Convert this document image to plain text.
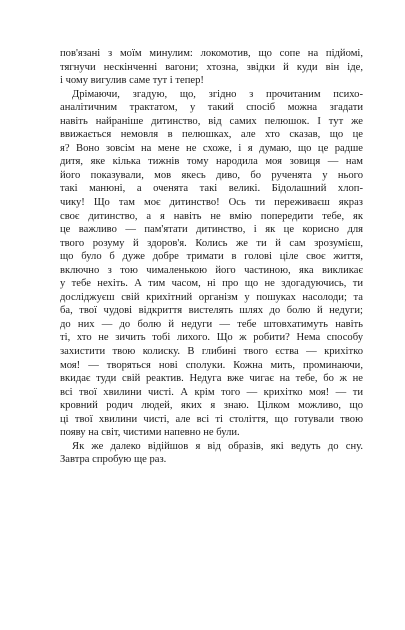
пов'язані з моїм минулим: локомотив, що сопе на підйомі,
тягнучи нескінченні вагони; хтозна, звідки й куди він іде,
і чому вигулив саме тут і тепер!
Дрімаючи, згадую, що, згідно з прочитаним психо-
аналітичним трактатом, у такий спосіб можна згадати
навіть найраніше дитинство, від самих пелюшок. І тут же
ввижається немовля в пелюшках, але хто сказав, що це
я? Воно зовсім на мене не схоже, і я думаю, що це радше
дитя, яке кілька тижнів тому народила моя зовиця — нам
його показували, мов якесь диво, бо рученята у нього
такі манюні, а оченята такі великі. Бідолашний хлоп-
чику! Що там моє дитинство! Ось ти переживаєш якраз
своє дитинство, а я навіть не вмію попередити тебе, як
це важливо — пам'ятати дитинство, і як це корисно для
твого розуму й здоров'я. Колись же ти й сам зрозумієш,
що було б дуже добре тримати в голові ціле своє життя,
включно з тою чималенькою його частиною, яка викликає
у тебе нехіть. А тим часом, ні про що не здогадуючись, ти
досліджуєш свій крихітний організм у пошуках насолоди; та
ба, твої чудові відкриття вистелять шлях до болю й недуги;
до них — до болю й недуги — тебе штовхатимуть навіть
ті, хто не зичить тобі лихого. Що ж робити? Нема способу
захистити твою колиску. В глибині твого єства — крихітко
моя! — творяться нові сполуки. Кожна мить, проминаючи,
вкидає туди свій реактив. Недуга вже чигає на тебе, бо ж не
всі твої хвилини чисті. А крім того — крихітко моя! — ти
кровний родич людей, яких я знаю. Цілком можливо, що
ці твої хвилини чисті, але всі ті століття, що готували твою
появу на світ, чистими напевно не були.
Як же далеко відійшов я від образів, які ведуть до сну.
Завтра спробую ще раз.
